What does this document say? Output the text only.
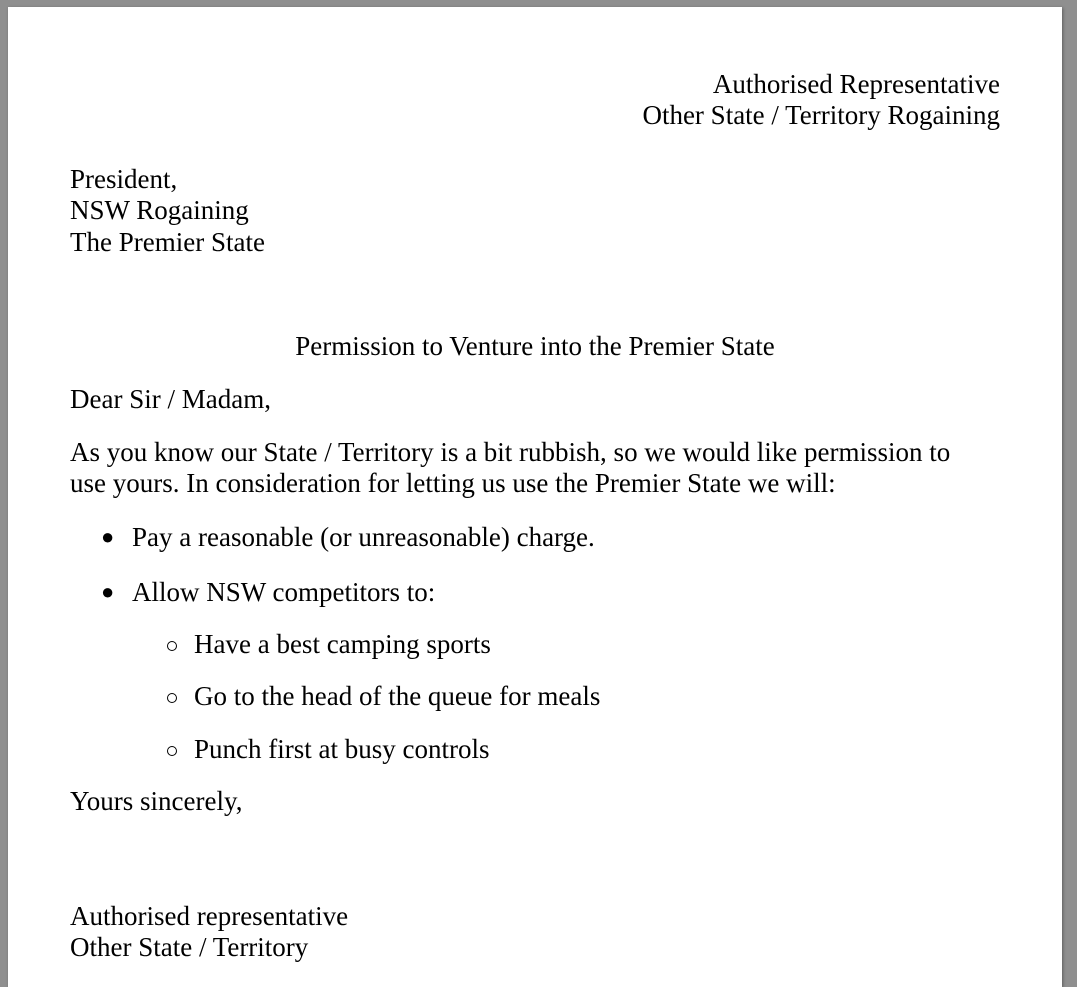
Authorised Representative
Other State / Territory Rogaining
President,
NSW Rogaining
The Premier State
Permission to Venture into the Premier State
Dear Sir / Madam,
As you know our State / Territory is a bit rubbish, so we would like permission to
use yours. In consideration for letting us use the Premier State we will:
● Pay a reasonable (or unreasonable) charge.
● Allow NSW competitors to:
Have a best camping sports
Go to the head of the queue for meals
Punch first at busy controls
Yours sincerely,
Authorised representative
Other State / Territory
